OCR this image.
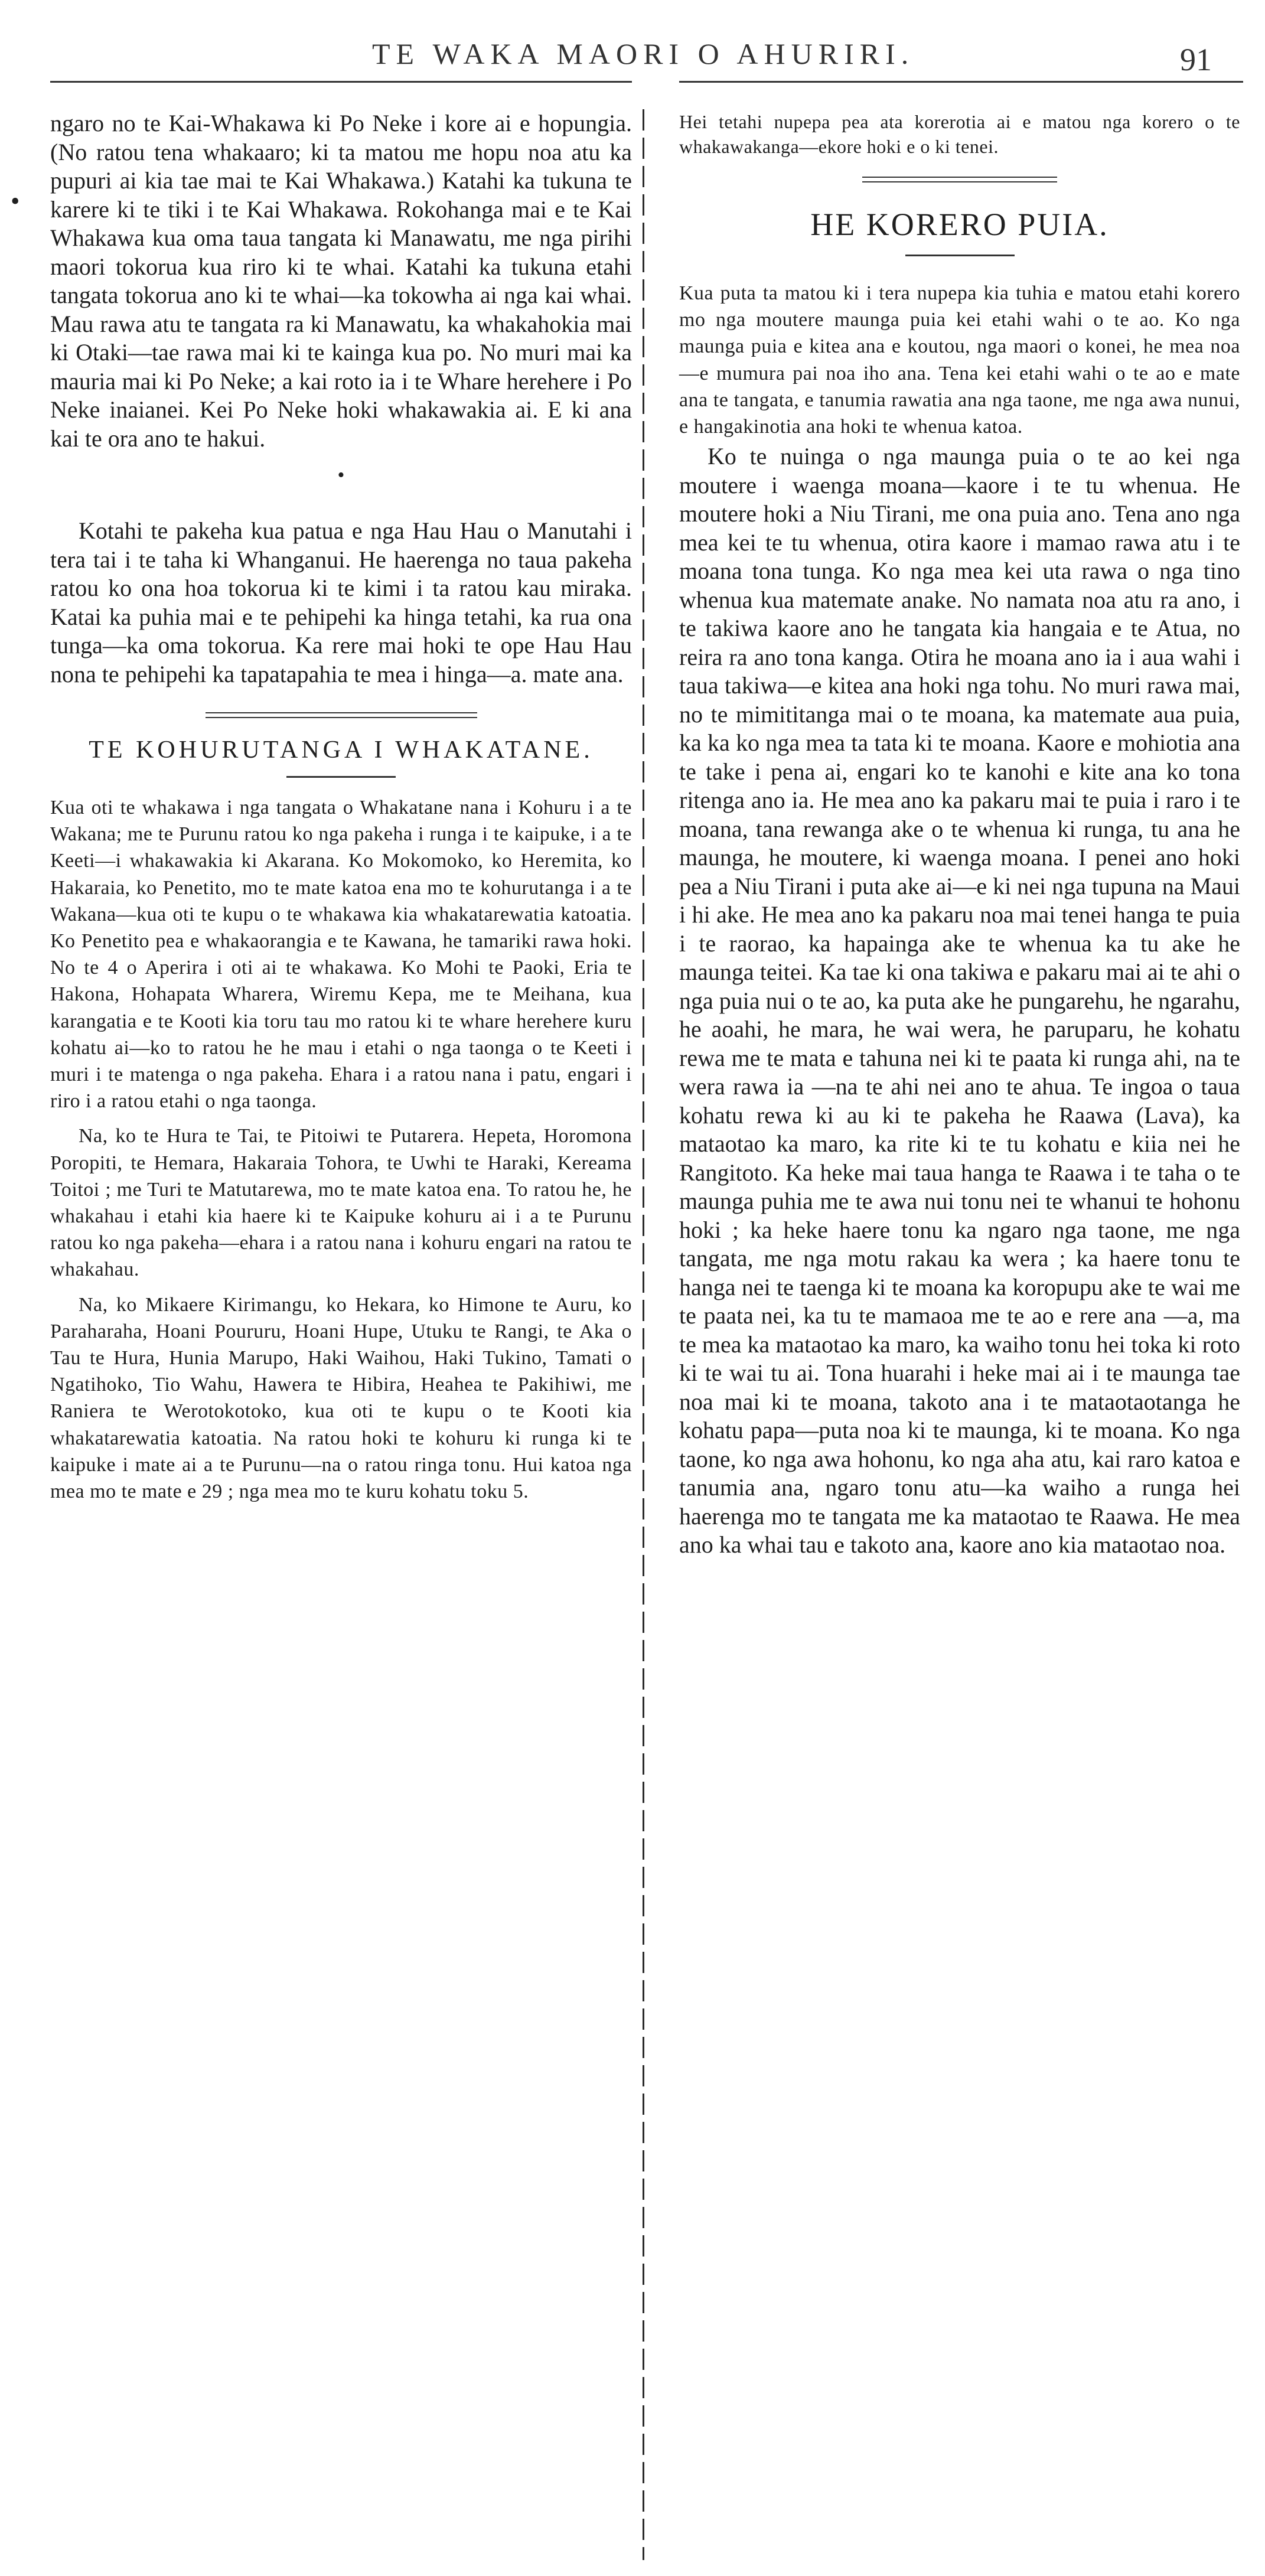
TE WAKA MAORI O AHURIRI.	91
•

ngaro no te Kai-Whakawa ki Po Neke i kore ai e hopungia. (No ratou tena whakaaro; ki ta matou me hopu noa atu ka pupuri ai kia tae mai te Kai Whakawa.) Katahi ka tukuna te karere ki te tiki i te Kai Whakawa. Rokohanga mai e te Kai Whakawa kua oma taua tangata ki Manawatu, me nga pirihi maori tokorua kua riro ki te whai. Katahi ka tukuna etahi tangata tokorua ano ki te whai—ka tokowha ai nga kai whai. Mau rawa atu te tangata ra ki Manawatu, ka whakahokia mai ki Otaki—tae rawa mai ki te kainga kua po. No muri mai ka mauria mai ki Po Neke; a kai roto ia i te Whare herehere i Po Neke inaianei. Kei Po Neke hoki whakawakia ai. E ki ana kai te ora ano te hakui.

•

Kotahi te pakeha kua patua e nga Hau Hau o Manutahi i tera tai i te taha ki Whanganui. He haerenga no taua pakeha ratou ko ona hoa tokorua ki te kimi i ta ratou kau miraka. Katai ka puhia mai e te pehipehi ka hinga tetahi, ka rua ona tunga—ka oma tokorua. Ka rere mai hoki te ope Hau Hau nona te pehipehi ka tapatapahia te mea i hinga—a. mate ana.

TE KOHURUTANGA I WHAKATANE.

Kua oti te whakawa i nga tangata o Whakatane nana i Kohuru i a te Wakana; me te Purunu ratou ko nga pakeha i runga i te kaipuke, i a te Keeti—i whakawakia ki Akarana. Ko Mokomoko, ko Heremita, ko Hakaraia, ko Penetito, mo te mate katoa ena mo te kohurutanga i a te Wakana—kua oti te kupu o te whakawa kia whakatarewatia katoatia. Ko Penetito pea e whakaorangia e te Kawana, he tamariki rawa hoki. No te 4 o Aperira i oti ai te whakawa. Ko Mohi te Paoki, Eria te Hakona, Hohapata Wharera, Wiremu Kepa, me te Meihana, kua karangatia e te Kooti kia toru tau mo ratou ki te whare herehere kuru kohatu ai—ko to ratou he he mau i etahi o nga taonga o te Keeti i muri i te matenga o nga pakeha. Ehara i a ratou nana i patu, engari i riro i a ratou etahi o nga taonga.

Na, ko te Hura te Tai, te Pitoiwi te Putarera. Hepeta, Horomona Poropiti, te Hemara, Hakaraia Tohora, te Uwhi te Haraki, Kereama Toitoi ; me Turi te Matutarewa, mo te mate katoa ena. To ratou he, he whakahau i etahi kia haere ki te Kaipuke kohuru ai i a te Purunu ratou ko nga pakeha—ehara i a ratou nana i kohuru engari na ratou te whakahau.

Na, ko Mikaere Kirimangu, ko Hekara, ko Himone te Auru, ko Paraharaha, Hoani Poururu, Hoani Hupe, Utuku te Rangi, te Aka o Tau te Hura, Hunia Marupo, Haki Waihou, Haki Tukino, Tamati o Ngatihoko, Tio Wahu, Hawera te Hibira, Heahea te Pakihiwi, me Raniera te Werotokotoko, kua oti te kupu o te Kooti kia whakatarewatia katoatia. Na ratou hoki te kohuru ki runga ki te kaipuke i mate ai a te Purunu—na o ratou ringa tonu. Hui katoa nga mea mo te mate e 29 ; nga mea mo te kuru kohatu toku 5.

Hei tetahi nupepa pea ata korerotia ai e matou nga korero o te whakawakanga—ekore hoki e o ki tenei.

HE KORERO PUIA.

Kua puta ta matou ki i tera nupepa kia tuhia e matou etahi korero mo nga moutere maunga puia kei etahi wahi o te ao. Ko nga maunga puia e kitea ana e koutou, nga maori o konei, he mea noa—e mumura pai noa iho ana. Tena kei etahi wahi o te ao e mate ana te tangata, e tanumia rawatia ana nga taone, me nga awa nunui, e hangakinotia ana hoki te whenua katoa.

Ko te nuinga o nga maunga puia o te ao kei nga moutere i waenga moana—kaore i te tu whenua. He moutere hoki a Niu Tirani, me ona puia ano. Tena ano nga mea kei te tu whenua, otira kaore i mamao rawa atu i te moana tona tunga. Ko nga mea kei uta rawa o nga tino whenua kua matemate anake. No namata noa atu ra ano, i te takiwa kaore ano he tangata kia hangaia e te Atua, no reira ra ano tona kanga. Otira he moana ano ia i aua wahi i taua takiwa—e kitea ana hoki nga tohu. No muri rawa mai, no te mimititanga mai o te moana, ka matemate aua puia, ka ka ko nga mea ta tata ki te moana. Kaore e mohiotia ana te take i pena ai, engari ko te kanohi e kite ana ko tona ritenga ano ia. He mea ano ka pakaru mai te puia i raro i te moana, tana rewanga ake o te whenua ki runga, tu ana he maunga, he moutere, ki waenga moana. I penei ano hoki pea a Niu Tirani i puta ake ai—e ki nei nga tupuna na Maui i hi ake. He mea ano ka pakaru noa mai tenei hanga te puia i te raorao, ka hapainga ake te whenua ka tu ake he maunga teitei. Ka tae ki ona takiwa e pakaru mai ai te ahi o nga puia nui o te ao, ka puta ake he pungarehu, he ngarahu, he aoahi, he mara, he wai wera, he paruparu, he kohatu rewa me te mata e tahuna nei ki te paata ki runga ahi, na te wera rawa ia —na te ahi nei ano te ahua. Te ingoa o taua kohatu rewa ki au ki te pakeha he Raawa (Lava), ka mataotao ka maro, ka rite ki te tu kohatu e kiia nei he Rangitoto. Ka heke mai taua hanga te Raawa i te taha o te maunga puhia me te awa nui tonu nei te whanui te hohonu hoki ; ka heke haere tonu ka ngaro nga taone, me nga tangata, me nga motu rakau ka wera ; ka haere tonu te hanga nei te taenga ki te moana ka koropupu ake te wai me te paata nei, ka tu te mamaoa me te ao e rere ana —a, ma te mea ka mataotao ka maro, ka waiho tonu hei toka ki roto ki te wai tu ai. Tona huarahi i heke mai ai i te maunga tae noa mai ki te moana, takoto ana i te mataotaotanga he kohatu papa—puta noa ki te maunga, ki te moana. Ko nga taone, ko nga awa hohonu, ko nga aha atu, kai raro katoa e tanumia ana, ngaro tonu atu—ka waiho a runga hei haerenga mo te tangata me ka mataotao te Raawa. He mea ano ka whai tau e takoto ana, kaore ano kia mataotao noa.
